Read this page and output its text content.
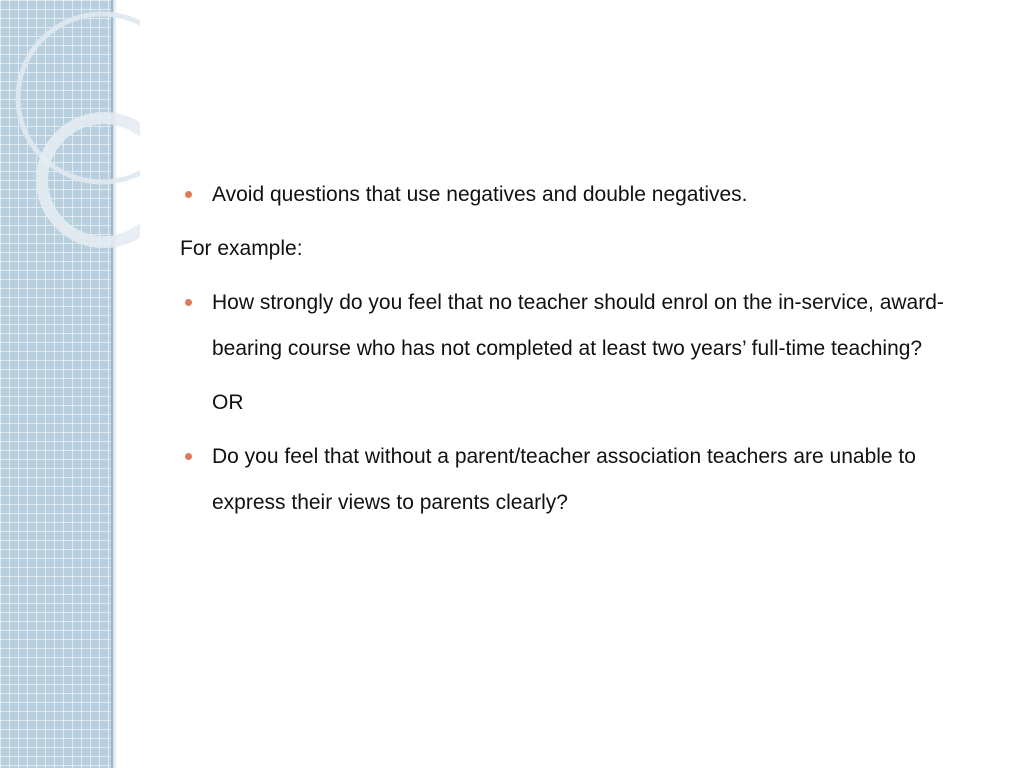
Avoid questions that use negatives and double negatives.
For example:
How strongly do you feel that no teacher should enrol on the in-service, award-bearing course who has not completed at least two years’ full-time teaching?
OR
Do you feel that without a parent/teacher association teachers are unable to express their views to parents clearly?
